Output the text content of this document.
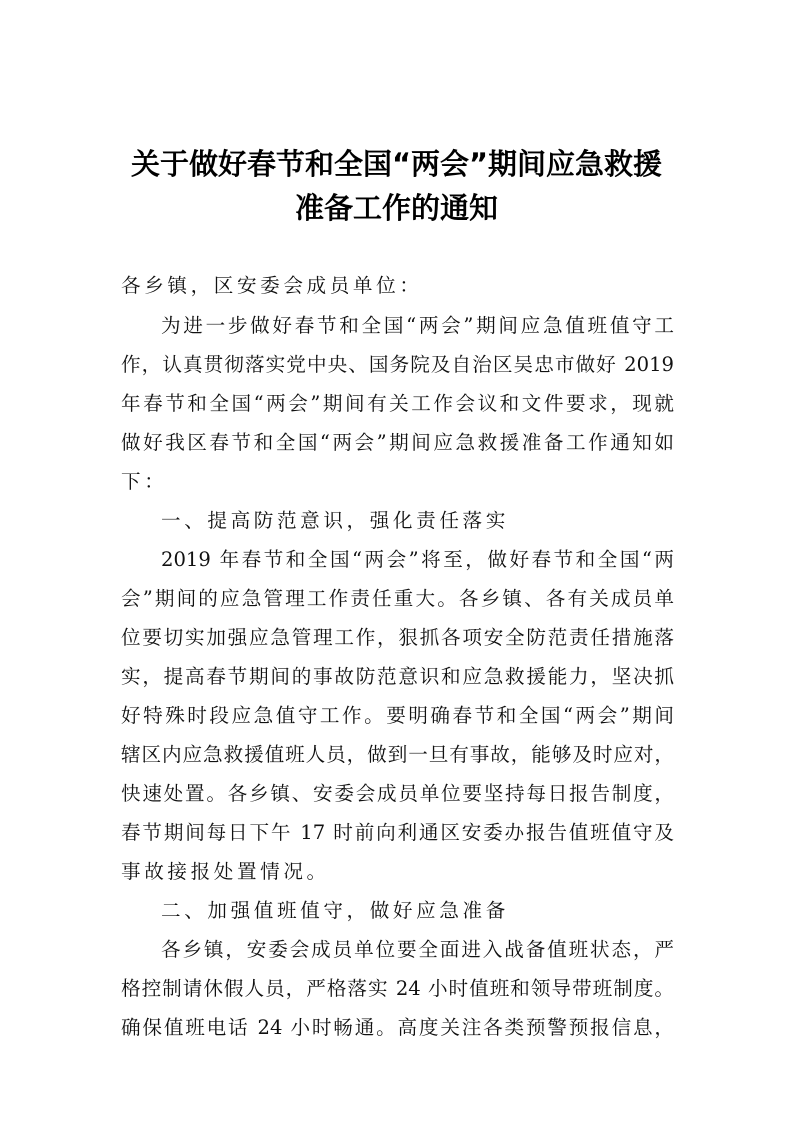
关于做好春节和全国“两会”期间应急救援
准备工作的通知
各乡镇，区安委会成员单位：
为进一步做好春节和全国“两会”期间应急值班值守工
作，认真贯彻落实党中央、国务院及自治区吴忠市做好 2019
年春节和全国“两会”期间有关工作会议和文件要求，现就
做好我区春节和全国“两会”期间应急救援准备工作通知如
下：
一、提高防范意识，强化责任落实
2019 年春节和全国“两会”将至，做好春节和全国“两
会”期间的应急管理工作责任重大。各乡镇、各有关成员单
位要切实加强应急管理工作，狠抓各项安全防范责任措施落
实，提高春节期间的事故防范意识和应急救援能力，坚决抓
好特殊时段应急值守工作。要明确春节和全国“两会”期间
辖区内应急救援值班人员，做到一旦有事故，能够及时应对，
快速处置。各乡镇、安委会成员单位要坚持每日报告制度，
春节期间每日下午 17 时前向利通区安委办报告值班值守及
事故接报处置情况。
二、加强值班值守，做好应急准备
各乡镇，安委会成员单位要全面进入战备值班状态，严
格控制请休假人员，严格落实 24 小时值班和领导带班制度。
确保值班电话 24 小时畅通。高度关注各类预警预报信息，
